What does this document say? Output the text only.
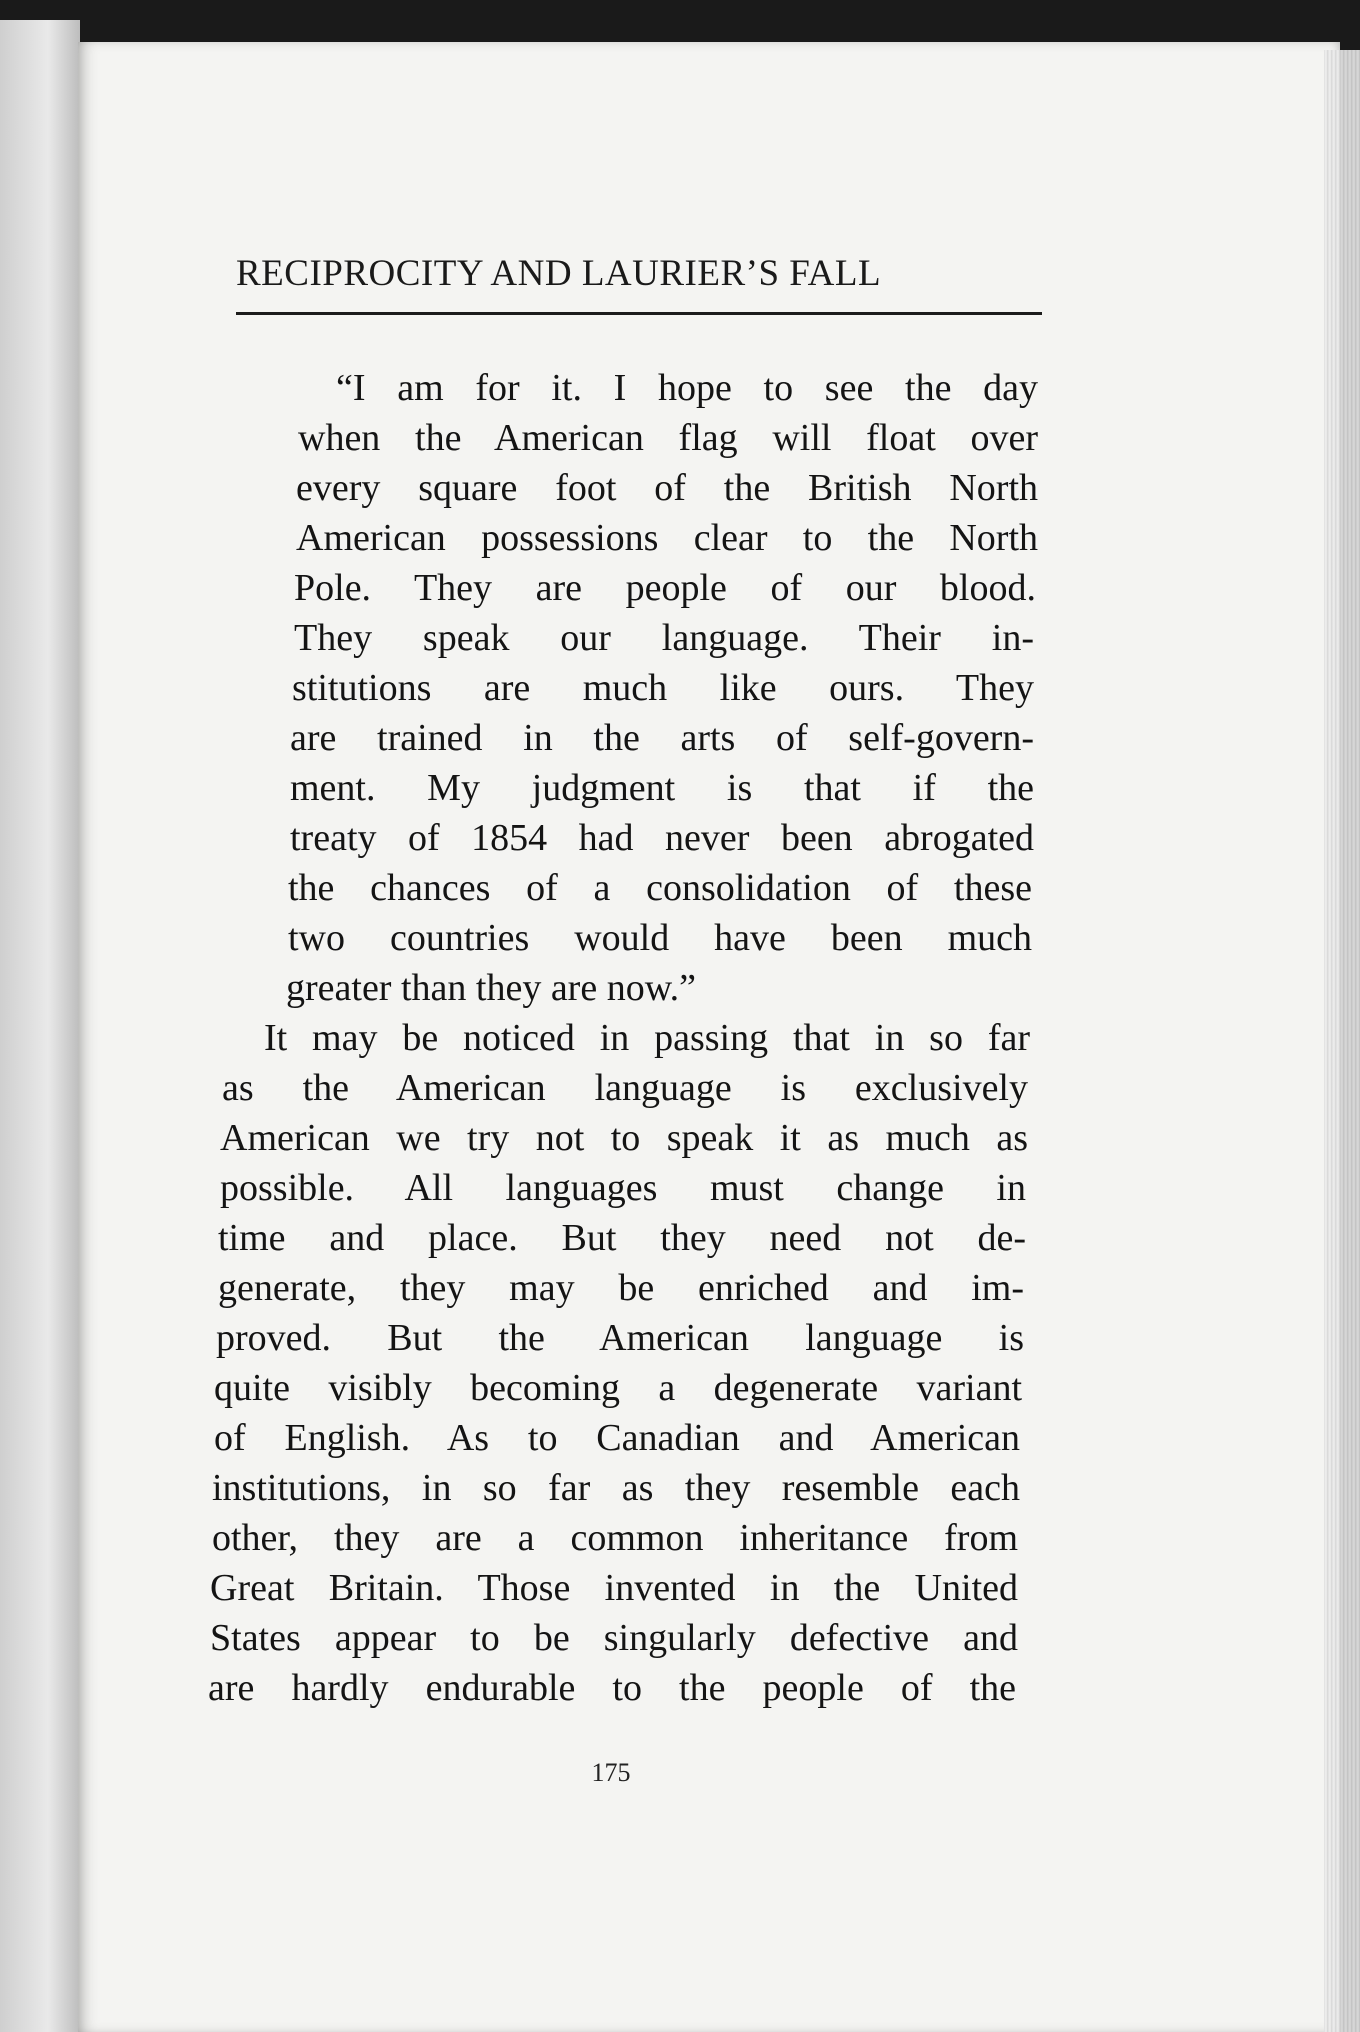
RECIPROCITY AND LAURIER’S FALL
“I am for it. I hope to see the day
when the American flag will float over
every square foot of the British North
American possessions clear to the North
Pole. They are people of our blood.
They speak our language. Their in-
stitutions are much like ours. They
are trained in the arts of self-govern-
ment. My judgment is that if the
treaty of 1854 had never been abrogated
the chances of a consolidation of these
two countries would have been much
greater than they are now.”
It may be noticed in passing that in so far
as the American language is exclusively
American we try not to speak it as much as
possible. All languages must change in
time and place. But they need not de-
generate, they may be enriched and im-
proved. But the American language is
quite visibly becoming a degenerate variant
of English. As to Canadian and American
institutions, in so far as they resemble each
other, they are a common inheritance from
Great Britain. Those invented in the United
States appear to be singularly defective and
are hardly endurable to the people of the
175
